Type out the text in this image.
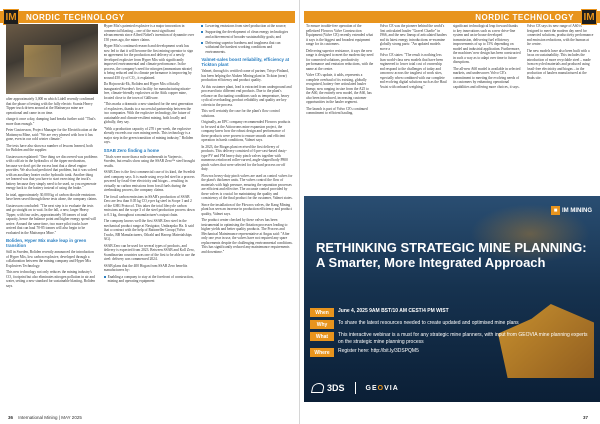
IM	NORDIC TECHNOLOGY

after approximately 3,000 m which Lidell recently confirmed that the phase of testing with the fully electric Scania Heavy Tipper truck driven around at the Mattsmyra mine are operational and came in on time.

charge it once a day, damping load breaks further said: "That's more than enough."

Peter Gustavsson, Project Manager for the Electrification at the Mattsmyra Mine, said: "We are very pleased with how it has gone, even in our cold winter climate."

The tests have also shown a number of lessons learned, both for Boliden and the supplier.

Gustavsson explained: "One thing we discovered was problems with cold air in the hydraulics of the tipper mechanism, because we don't get the excess heat that a diesel engine provides. We also had predicted that problem, but it was solved with an auxiliary heater on the hydraulic tank. Another thing we learned was that you have to start exercising the truck's battery because they simply need to be used, so you regenerate energy back to the battery instead of using the brake."

In total, approximately 30,000 kg of carbon dioxide emissions have been saved through these tests alone, the company claims.

Gustavsson concluded: "The next step is to evaluate the tests and go straight on to wait. In the fall, a new, larger Heavy Tipper, with four axles, approximately 58 tonnes of total capacity, hence the balance point and higher energy spend will arrive. Around the same time, two more pilot trucks have arrived that can haul 70-85 tonnes will also begin to be evaluated in the Mattsmyra Mine."

Boliden, Hyper Mix make leap in green transition

Still in Sweden, Boliden recently announced the introduction of Hyper Mix, low carbon explosive, developed through a collaboration between the mining company and Hyper Mix Explosives Technology.

This new technology not only reduces the mining industry's CO₂ footprint but also eliminates nitrogen pollution in air and water, setting a new standard for sustainable blasting, Boliden says.

Hyper Mix's patented explosive is a major innovation in commercial blasting – one of the most significant advancements since Alfred Nobel's invention of dynamite over 150 years ago, the miner claims.

Hyper Mix's continued research and development work has now led to that it will become the first mining operator to sign an agreement for the production and delivery of a newly developed explosive from Hyper Mix with significantly improved environmental and climate performance. In the process, the company's need for nitrogen (ammonium nitrate) is being reduced and its climate performance is improving by around 450 t/y of CO₂, it explained.

Da Hojnowski-Ek, Boliden and Hyper Mix officially inaugurated Sweden's first facility for manufacturing nitrate-free, climate-friendly explosives at the Aitik copper mine, located close to the town of Gällivare.

"This marks a dramatic a new standard for the next generation of explosives, thanks to a successful partnership between the two companies. With the explosive technology, the future of sustainable and climate-resilient mining, both locally and globally, they say.

"With a production capacity of 270 t per week, the explosive already exceeds our own mining needs. This technology is a major step in the green transition of mining industry," Boliden says.

SSAB Zero finding a home

"Trials were more than a mile underneath in Varjenvic, Sweden, but results show using the SSAB Zero™ steel brought results.

SSAB Zero is the first commercial case of its kind, the Swedish steel company says. It is made using recycled steel in a process powered by fossil-free electricity and biogas – resulting in virtually no carbon emissions from fossil fuels during the steelmaking process, the company claims.

The fossil carbon emissions in SSAB's production of SSAB Zero are less than 0.05 kg CO₂e per kg steel in Scope 1 and 2 of the GHG Protocol. This takes the total lifecycle carbon emissions and the scope 3 of the steel production process down to 0.3 kg, throughout a manufacturer's output chain.

The company knows well the first SSAB Zero steel in the mechanical product range at Navigator, Umbrapsko Ha. It said that a contract with the help of Rationeller Group (Volvo Trucks, BB Manufacturers, Oilrahl and Harosp Materialships AG).

SSAB Zero can be used for several types of products, and delivery is expected from 2023. Between SSAB and Koll Zero, Scandinavian countries was one of the first to be able to use the steel: delivery was commenced 2024.

SSAB plans that the 400 Hogan from SSAB Zero benefits manufacturers by:

Enabling a company to stay at the forefront of construction, mining and operating equipment
Lowering emissions from steel production at the source;
Supporting the development of clean energy technologies and achievement of broader sustainability goals; and
Delivering superior hardness and toughness that can withstand the harshest working conditions and environments.
Valmet-sales boost reliability, efficiency at Tickton plant

Valmet, through its certified crane of partner, Trisys-Finland, has been helping the Aluken Mining plant in Tickton (near) production efficiency and product quality.

At this customer plant, lead is extracted from underground and processed into different end products. Due to the plant's reliance on fluctuating conditions such as temperature, heavy cyclical overloading, product reliability and quality are key criteria in the process.

This well certainly the case for the plant's flow control solutions.

Originally, an EPC company recommended Flowrox products to be used at the Aitiocroms mine expansion project, the company knew how the robust design and performance of these products were proven to ensure smooth and efficient operation in harsh conditions, Valmet says.

In 2023, the Biogas plant received the first delivery of products. This delivery consisted of 6 pre-cast-based dusty-type PV and FM heavy duty pinch valves together with numerous reinforced roller-curved, angle-shaped body P800 pinch valves that were selected for the hard process on-off duty.

Flowrox heavy-duty pinch valves are used as control valves for the plant's thickener units. The valves control the flow of materials with high pressure, ensuring the separation processes are efficient and effective. The accurate control provided by these valves is crucial for maintaining the quality and consistency of the final product for the customer, Valmet states.

Since the installation of the Flowrox valves, the Kang Mining plant has seen an increase in production efficiency and product quality, Valmet says.

The product center checked by these valves has been instrumental in optimising the flotation processes leading to higher yields and better quality products. The Process and Mechanical Maintenance representative at Angas said: "After only one year in use, the valves have not required any spare replacements despite the challenging environmental conditions. This has significantly reduced any maintenance requirements and downtime."

36 International Mining | MAY 2025
NORDIC TECHNOLOGY IM

To ensure trouble-free operation of the pelletized Flowrox Valve Construction Equipment (Valve CE) recently extended what it says is the biggest and broadest equipment range for its customers.

Delivering superior resistance, it says the new range is designed to meet the modern day need for connected solutions, productivity performance and emission reductions, with the name at the centre.

Valve CE's update, it adds, represents a complete overhaul of its existing, globally recognised, battery-free articulated hauler lineup; now ranging in size from the A25 to the A60, the entirely new model, the A60, has also been introduced, increasing customer opportunities in the hauler segment.

The launch is part of Volvo CE's continued commitment to efficient hauling.

Volvo CE was the pioneer behind the world's first articulated hauler "Gravel Charlie" in 1966, and the new lineup of articulated haulers and its latest energy introductions re-examine globally strong parts: "An updated models move a

Volvo CE states: "The result is nothing less than world-class new models that have been engineered to lower total cost of ownership and respond to the challenges of today and tomorrow across the toughest of work sites, especially when combined with our complete and evolving digital solutions such as the Haul Assist with onboard weighing."

significant technological leap forward thanks to key innovations such as a new drive-line system and an in-house developed transmission, delivering fuel efficiency improvements of up to 15% depending on model and industrial application. Furthermore, the machines' new design has been constructed in such a way as to adapt over time to future disruptions.

The all-new A60 model is available in selected markets, and underscores Volvo CE's commitment to meeting the evolving needs of its customers by enhancing operational capabilities and offering more choices, it says.

Volvo CE says its new range of A60 is designed to meet the modern day need for connected solutions, productivity performance and emission reductions, with the human at the centre.

The new models have also been built with a focus on sustainability. This includes the introduction of more recyclable steel – made from recycled materials and produced using fossil-free electricity and biogas – in the production of haulers manufactured at the Braås site.

■ IM MINING
RETHINKING STRATEGIC MINE PLANNING:
A Smarter, More Integrated Approach
When	June 4, 2025 9AM BST/10 AM CEST/4 PM WIST
Why	To share the latest resources needed to create updated and optimised mine plans
What	This interactive webinar is a must for any strategic mine planners, with input from GEOVIA mine planning experts on the strategic mine planning process
Where	Register here: http://bit.ly/3DSPQM5
3DS	GEOVIA
37
